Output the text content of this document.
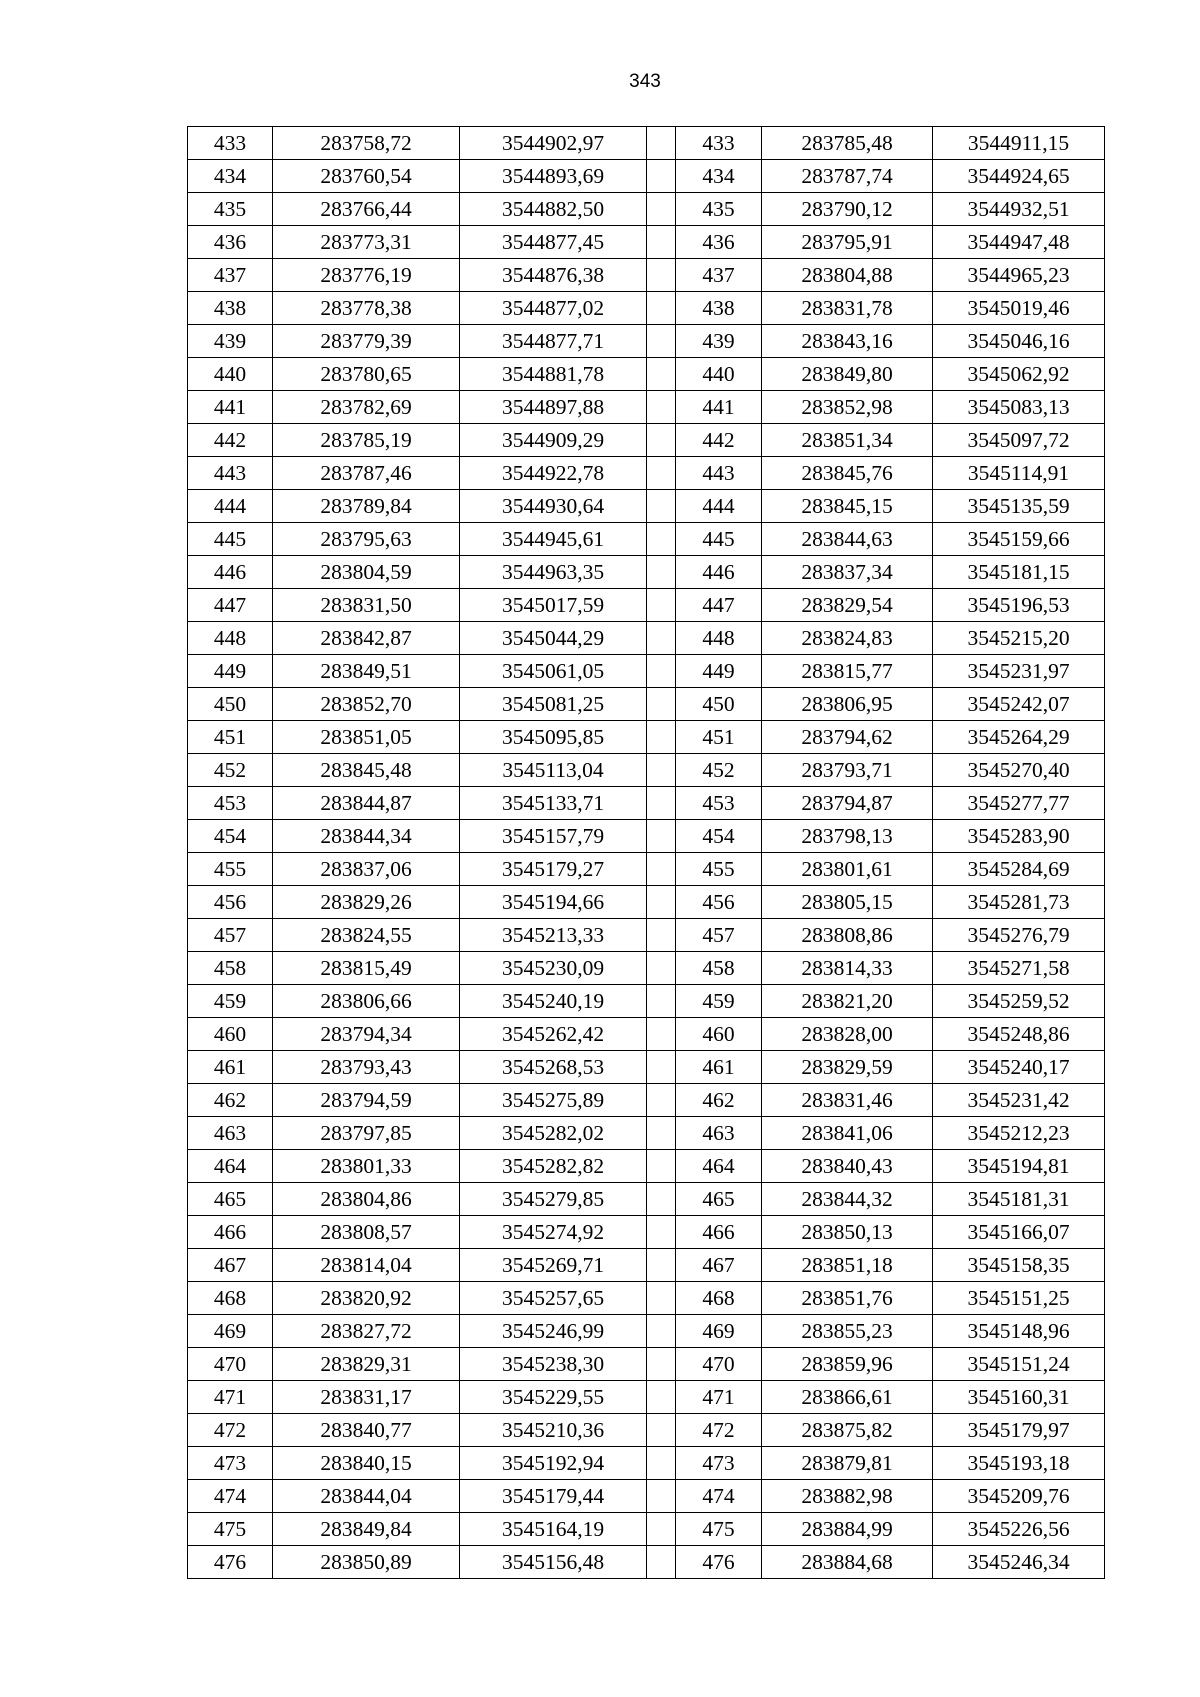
343
433	283758,72	3544902,97		433	283785,48	3544911,15
434	283760,54	3544893,69		434	283787,74	3544924,65
435	283766,44	3544882,50		435	283790,12	3544932,51
436	283773,31	3544877,45		436	283795,91	3544947,48
437	283776,19	3544876,38		437	283804,88	3544965,23
438	283778,38	3544877,02		438	283831,78	3545019,46
439	283779,39	3544877,71		439	283843,16	3545046,16
440	283780,65	3544881,78		440	283849,80	3545062,92
441	283782,69	3544897,88		441	283852,98	3545083,13
442	283785,19	3544909,29		442	283851,34	3545097,72
443	283787,46	3544922,78		443	283845,76	3545114,91
444	283789,84	3544930,64		444	283845,15	3545135,59
445	283795,63	3544945,61		445	283844,63	3545159,66
446	283804,59	3544963,35		446	283837,34	3545181,15
447	283831,50	3545017,59		447	283829,54	3545196,53
448	283842,87	3545044,29		448	283824,83	3545215,20
449	283849,51	3545061,05		449	283815,77	3545231,97
450	283852,70	3545081,25		450	283806,95	3545242,07
451	283851,05	3545095,85		451	283794,62	3545264,29
452	283845,48	3545113,04		452	283793,71	3545270,40
453	283844,87	3545133,71		453	283794,87	3545277,77
454	283844,34	3545157,79		454	283798,13	3545283,90
455	283837,06	3545179,27		455	283801,61	3545284,69
456	283829,26	3545194,66		456	283805,15	3545281,73
457	283824,55	3545213,33		457	283808,86	3545276,79
458	283815,49	3545230,09		458	283814,33	3545271,58
459	283806,66	3545240,19		459	283821,20	3545259,52
460	283794,34	3545262,42		460	283828,00	3545248,86
461	283793,43	3545268,53		461	283829,59	3545240,17
462	283794,59	3545275,89		462	283831,46	3545231,42
463	283797,85	3545282,02		463	283841,06	3545212,23
464	283801,33	3545282,82		464	283840,43	3545194,81
465	283804,86	3545279,85		465	283844,32	3545181,31
466	283808,57	3545274,92		466	283850,13	3545166,07
467	283814,04	3545269,71		467	283851,18	3545158,35
468	283820,92	3545257,65		468	283851,76	3545151,25
469	283827,72	3545246,99		469	283855,23	3545148,96
470	283829,31	3545238,30		470	283859,96	3545151,24
471	283831,17	3545229,55		471	283866,61	3545160,31
472	283840,77	3545210,36		472	283875,82	3545179,97
473	283840,15	3545192,94		473	283879,81	3545193,18
474	283844,04	3545179,44		474	283882,98	3545209,76
475	283849,84	3545164,19		475	283884,99	3545226,56
476	283850,89	3545156,48		476	283884,68	3545246,34
